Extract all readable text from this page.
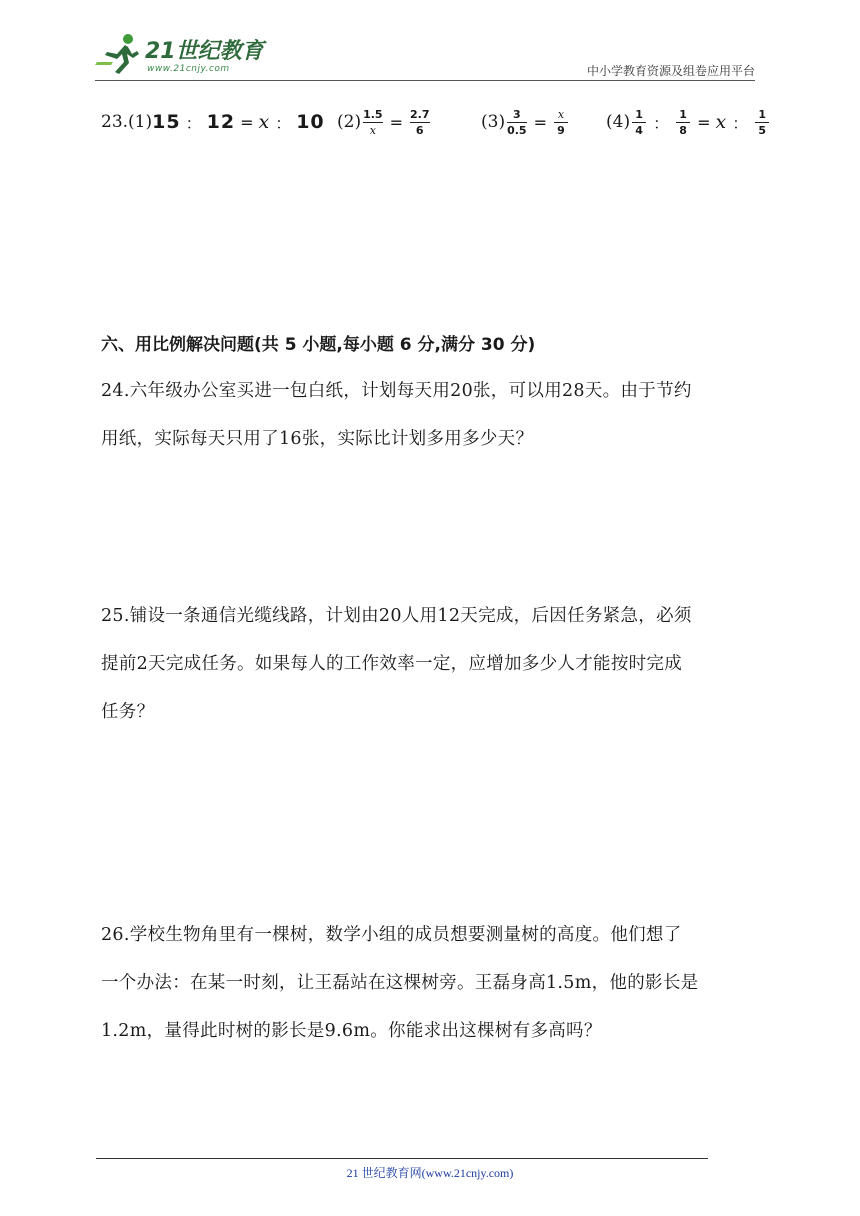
21世纪教育
www.21cnjy.com	中小学教育资源及组卷应用平台
23. (1) 15 ： 12 = x ： 10 $(2) \frac{1.5}{x} = \frac{2.7}{6}$	$(3) \frac{3}{0.5} = \frac{x}{9} (4) \frac{1}{4}$ ： $\frac{1}{8} = x$ ： $\frac{1}{5}$
六、用比例解决问题(共 5 小题,每小题 6 分,满分 30 分)
24.六年级办公室买进一包白纸，计划每天用20张，可以用28天。由于节约
用纸，实际每天只用了16张，实际比计划多用多少天？
25.铺设一条通信光缆线路，计划由20人用12天完成，后因任务紧急，必须
提前2天完成任务。如果每人的工作效率一定，应增加多少人才能按时完成
任务？
26.学校生物角里有一棵树，数学小组的成员想要测量树的高度。他们想了
一个办法：在某一时刻，让王磊站在这棵树旁。王磊身高1.5m，他的影长是
1.2m，量得此时树的影长是9.6m。你能求出这棵树有多高吗？
21 世纪教育网(www.21cnjy.com)
